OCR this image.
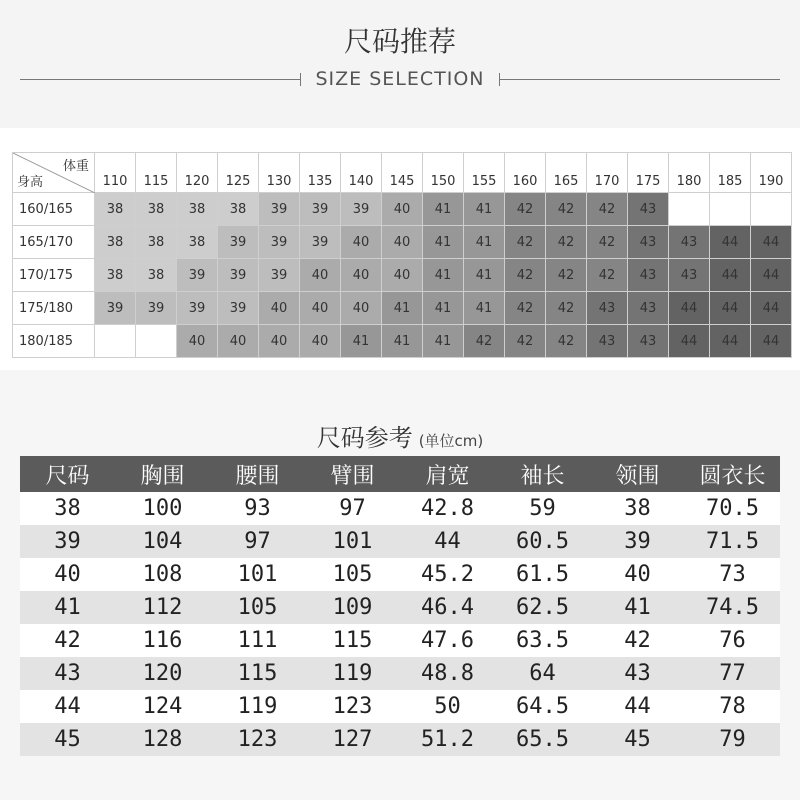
尺码推荐
SIZE SELECTION
体重
身高	110	115	120	125	130	135	140	145	150	155	160	165	170	175	180	185	190
160/165	38	38	38	38	39	39	39	40	41	41	42	42	42	43			
165/170	38	38	38	39	39	39	40	40	41	41	42	42	42	43	43	44	44
170/175	38	38	39	39	39	40	40	40	41	41	42	42	42	43	43	44	44
175/180	39	39	39	39	40	40	40	41	41	41	42	42	43	43	44	44	44
180/185			40	40	40	40	41	41	41	42	42	42	43	43	44	44	44
尺码参考 (单位cm)
尺码	胸围	腰围	臂围	肩宽	袖长	领围	圆衣长
38	100	93	97	42.8	59	38	70.5
39	104	97	101	44	60.5	39	71.5
40	108	101	105	45.2	61.5	40	73
41	112	105	109	46.4	62.5	41	74.5
42	116	111	115	47.6	63.5	42	76
43	120	115	119	48.8	64	43	77
44	124	119	123	50	64.5	44	78
45	128	123	127	51.2	65.5	45	79
